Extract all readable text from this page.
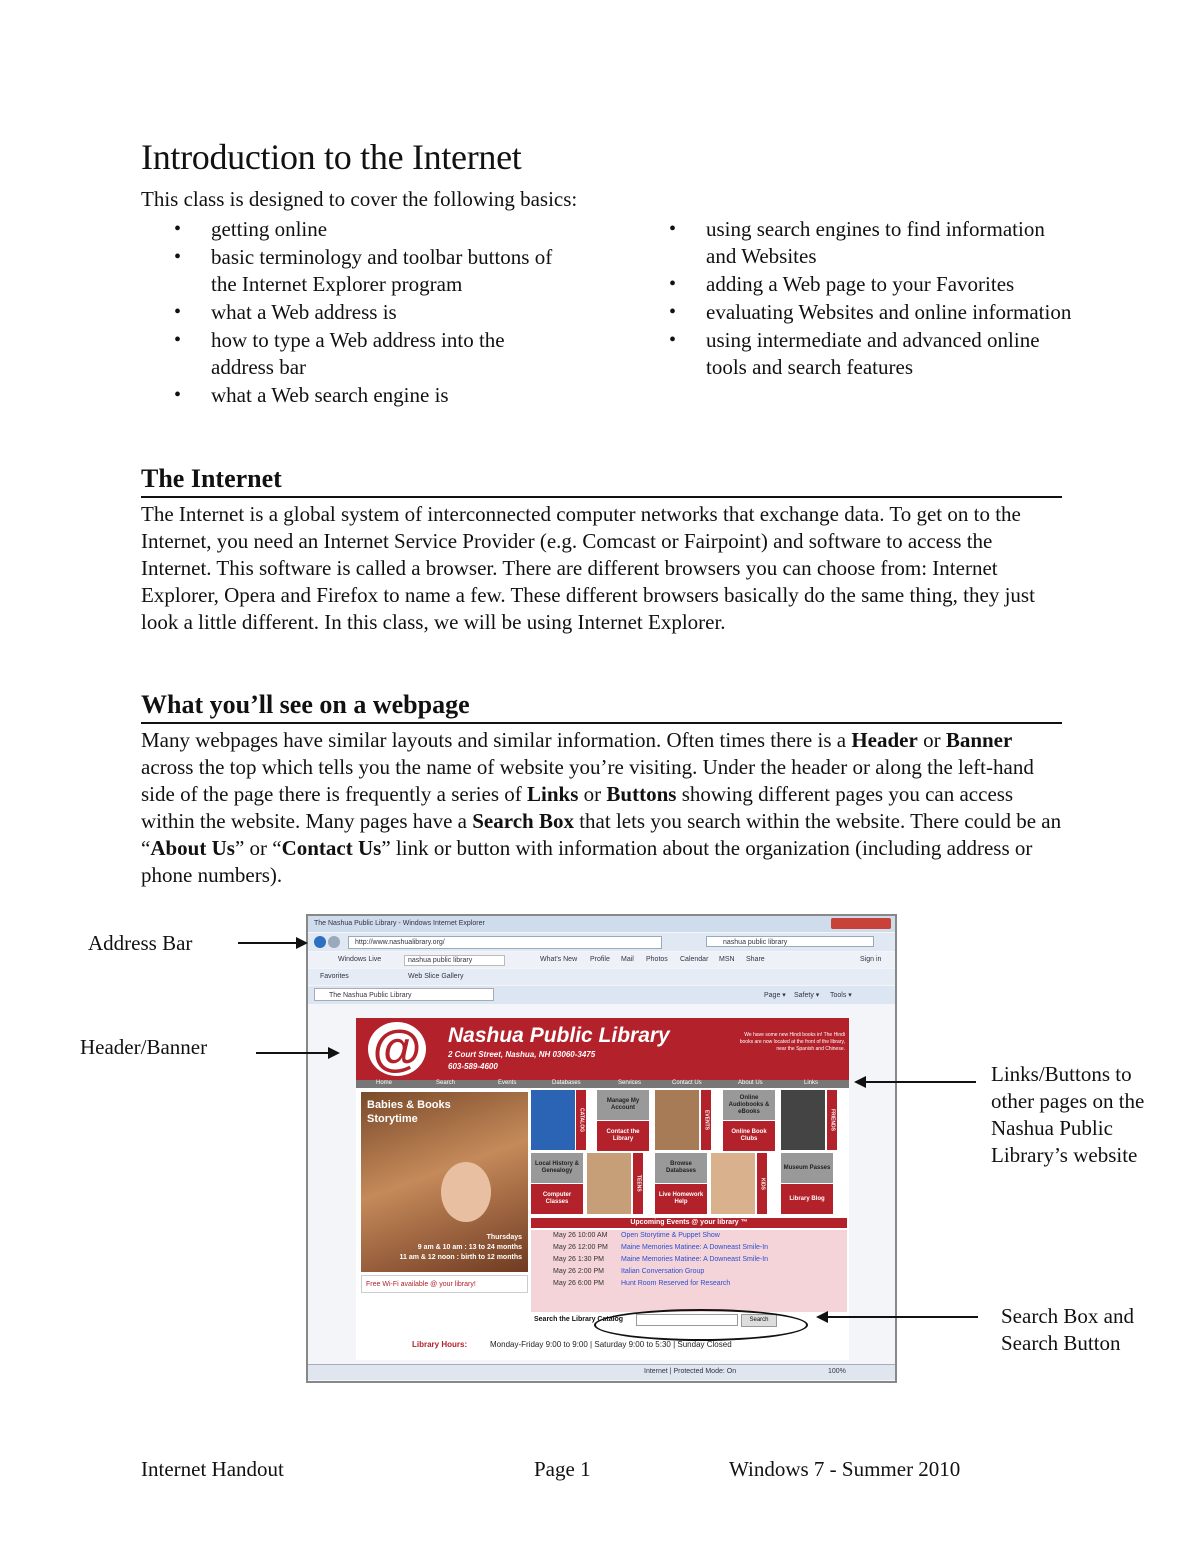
Introduction to the Internet
This class is designed to cover the following basics:
• getting online
• basic terminology and toolbar buttons of the Internet Explorer program
• what a Web address is
• how to type a Web address into the address bar
• what a Web search engine is
• using search engines to find information and Websites
• adding a Web page to your Favorites
• evaluating Websites and online information
• using intermediate and advanced online tools and search features
The Internet
The Internet is a global system of interconnected computer networks that exchange data. To get on to the Internet, you need an Internet Service Provider (e.g. Comcast or Fairpoint) and software to access the Internet. This software is called a browser. There are different browsers you can choose from: Internet Explorer, Opera and Firefox to name a few. These different browsers basically do the same thing, they just look a little different. In this class, we will be using Internet Explorer.
What you’ll see on a webpage
Many webpages have similar layouts and similar information. Often times there is a Header or Banner across the top which tells you the name of website you’re visiting. Under the header or along the left-hand side of the page there is frequently a series of Links or Buttons showing different pages you can access within the website. Many pages have a Search Box that lets you search within the website. There could be an “About Us” or “Contact Us” link or button with information about the organization (including address or phone numbers).
The Nashua Public Library - Windows Internet Explorer
http://www.nashualibrary.org/	nashua public library
Windows Live	nashua public library	What's New Profile Mail Photos Calendar MSN Share	Sign in
Favorites	Web Slice Gallery
The Nashua Public Library	Page ▾ Safety ▾ Tools ▾
@ Nashua Public Library
2 Court Street, Nashua, NH 03060-3475
603-589-4600
We have some new Hindi books in! The Hindi books are now located at the front of the library, near the Spanish and Chinese.
Home	Search	Events	Databases	Services	Contact Us	About Us	Links
Babies & Books Storytime
Thursdays
9 am & 10 am : 13 to 24 months
11 am & 12 noon : birth to 12 months
Free Wi-Fi available @ your library!
CATALOG
Manage My Account
Contact the Library
EVENTS
Online Audiobooks & eBooks
Online Book Clubs
FRIENDS
Local History & Genealogy
Computer Classes
TEENS
Browse Databases
Live Homework Help
KIDS
Museum Passes
Library Blog
Upcoming Events @ your library ™
May 26 10:00 AM Open Storytime & Puppet Show
May 26 12:00 PM Maine Memories Matinee: A Downeast Smile-In
May 26 1:30 PM Maine Memories Matinee: A Downeast Smile-In
May 26 2:00 PM Italian Conversation Group
May 26 6:00 PM Hunt Room Reserved for Research
Search the Library Catalog	Search
Library Hours:	Monday-Friday 9:00 to 9:00 | Saturday 9:00 to 5:30 | Sunday Closed
Internet | Protected Mode: On	100%
Address Bar
Header/Banner
Links/Buttons to
other pages on the
Nashua Public
Library’s website
Search Box and
Search Button
Internet Handout	Page 1	Windows 7 - Summer 2010
